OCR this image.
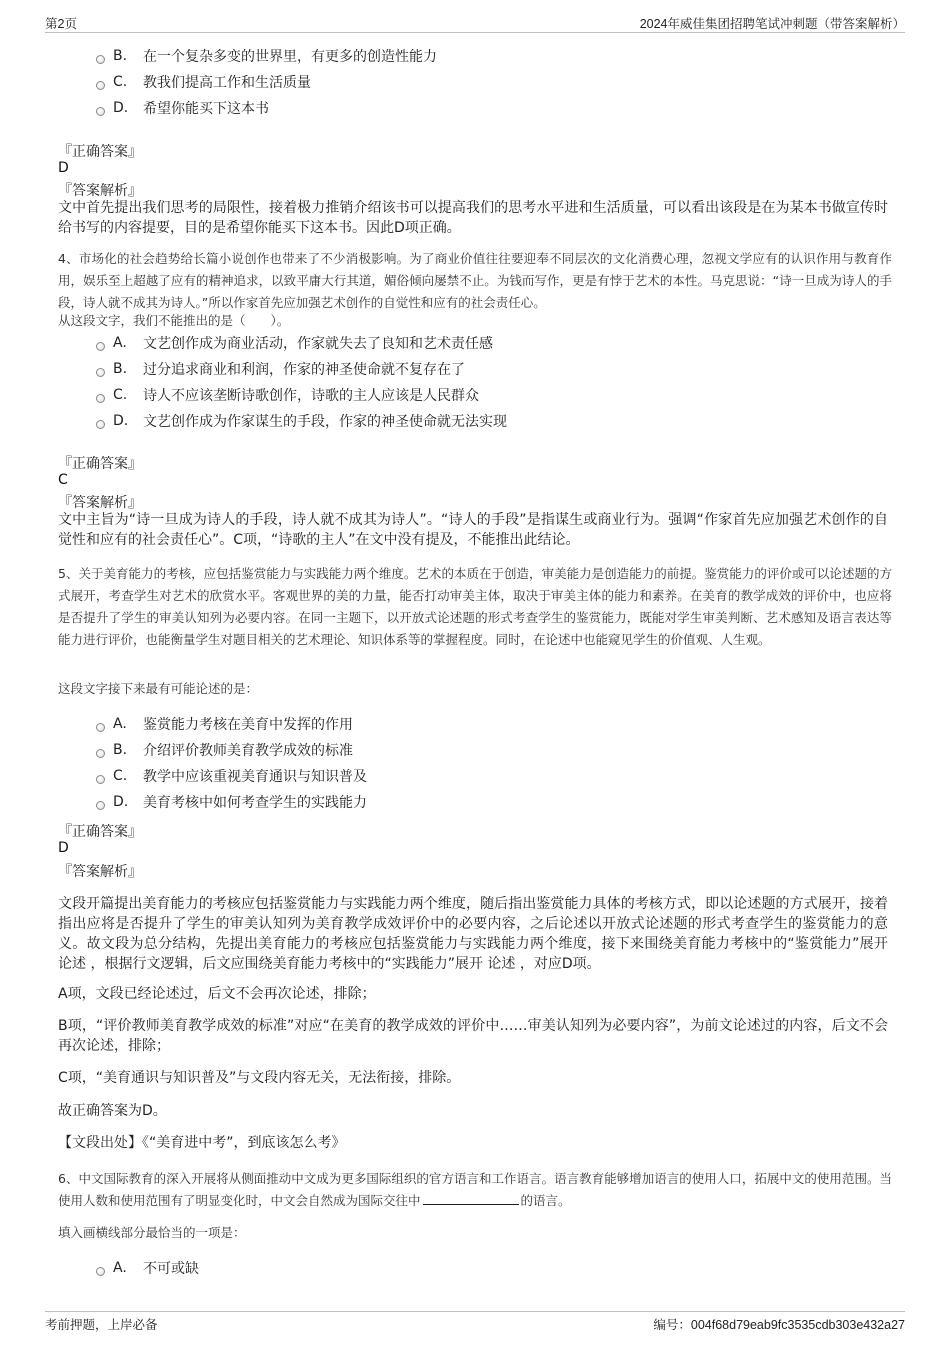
第2页	2024年威佳集团招聘笔试冲刺题（带答案解析）
B.	在一个复杂多变的世界里，有更多的创造性能力
C.	教我们提高工作和生活质量
D.	希望你能买下这本书
『正确答案』
D
『答案解析』
文中首先提出我们思考的局限性，接着极力推销介绍该书可以提高我们的思考水平进和生活质量，可以看出该段是在为某本书做宣传时给书写的内容提要，目的是希望你能买下这本书。因此D项正确。
4、市场化的社会趋势给长篇小说创作也带来了不少消极影响。为了商业价值往往要迎奉不同层次的文化消费心理，忽视文学应有的认识作用与教育作用，娱乐至上超越了应有的精神追求，以致平庸大行其道，媚俗倾向屡禁不止。为钱而写作，更是有悖于艺术的本性。马克思说：“诗一旦成为诗人的手段，诗人就不成其为诗人。”所以作家首先应加强艺术创作的自觉性和应有的社会责任心。
从这段文字，我们不能推出的是（　　）。
A.	文艺创作成为商业活动，作家就失去了良知和艺术责任感
B.	过分追求商业和利润，作家的神圣使命就不复存在了
C.	诗人不应该垄断诗歌创作，诗歌的主人应该是人民群众
D.	文艺创作成为作家谋生的手段，作家的神圣使命就无法实现
『正确答案』
C
『答案解析』
文中主旨为“诗一旦成为诗人的手段，诗人就不成其为诗人”。“诗人的手段”是指谋生或商业行为。强调“作家首先应加强艺术创作的自觉性和应有的社会责任心”。C项，“诗歌的主人”在文中没有提及，不能推出此结论。
5、关于美育能力的考核，应包括鉴赏能力与实践能力两个维度。艺术的本质在于创造，审美能力是创造能力的前提。鉴赏能力的评价或可以论述题的方式展开，考查学生对艺术的欣赏水平。客观世界的美的力量，能否打动审美主体，取决于审美主体的能力和素养。在美育的教学成效的评价中，也应将是否提升了学生的审美认知列为必要内容。在同一主题下，以开放式论述题的形式考查学生的鉴赏能力，既能对学生审美判断、艺术感知及语言表达等能力进行评价，也能衡量学生对题目相关的艺术理论、知识体系等的掌握程度。同时，在论述中也能窥见学生的价值观、人生观。
这段文字接下来最有可能论述的是：
A.	鉴赏能力考核在美育中发挥的作用
B.	介绍评价教师美育教学成效的标准
C.	教学中应该重视美育通识与知识普及
D.	美育考核中如何考查学生的实践能力
『正确答案』
D
『答案解析』
文段开篇提出美育能力的考核应包括鉴赏能力与实践能力两个维度，随后指出鉴赏能力具体的考核方式，即以论述题的方式展开，接着指出应将是否提升了学生的审美认知列为美育教学成效评价中的必要内容，之后论述以开放式论述题的形式考查学生的鉴赏能力的意义。故文段为总分结构，先提出美育能力的考核应包括鉴赏能力与实践能力两个维度，接下来围绕美育能力考核中的“鉴赏能力”展开 论述 ，根据行文逻辑，后文应围绕美育能力考核中的“实践能力”展开 论述 ，对应D项。
A项，文段已经论述过，后文不会再次论述，排除；
B项，“评价教师美育教学成效的标准”对应“在美育的教学成效的评价中……审美认知列为必要内容”，为前文论述过的内容，后文不会再次论述，排除；
C项，“美育通识与知识普及”与文段内容无关，无法衔接，排除。
故正确答案为D。
【文段出处】《“美育进中考”，到底该怎么考》
6、中文国际教育的深入开展将从侧面推动中文成为更多国际组织的官方语言和工作语言。语言教育能够增加语言的使用人口，拓展中文的使用范围。当使用人数和使用范围有了明显变化时，中文会自然成为国际交往中	的语言。
填入画横线部分最恰当的一项是：
A.	不可或缺
考前押题，上岸必备	编号：004f68d79eab9fc3535cdb303e432a27
